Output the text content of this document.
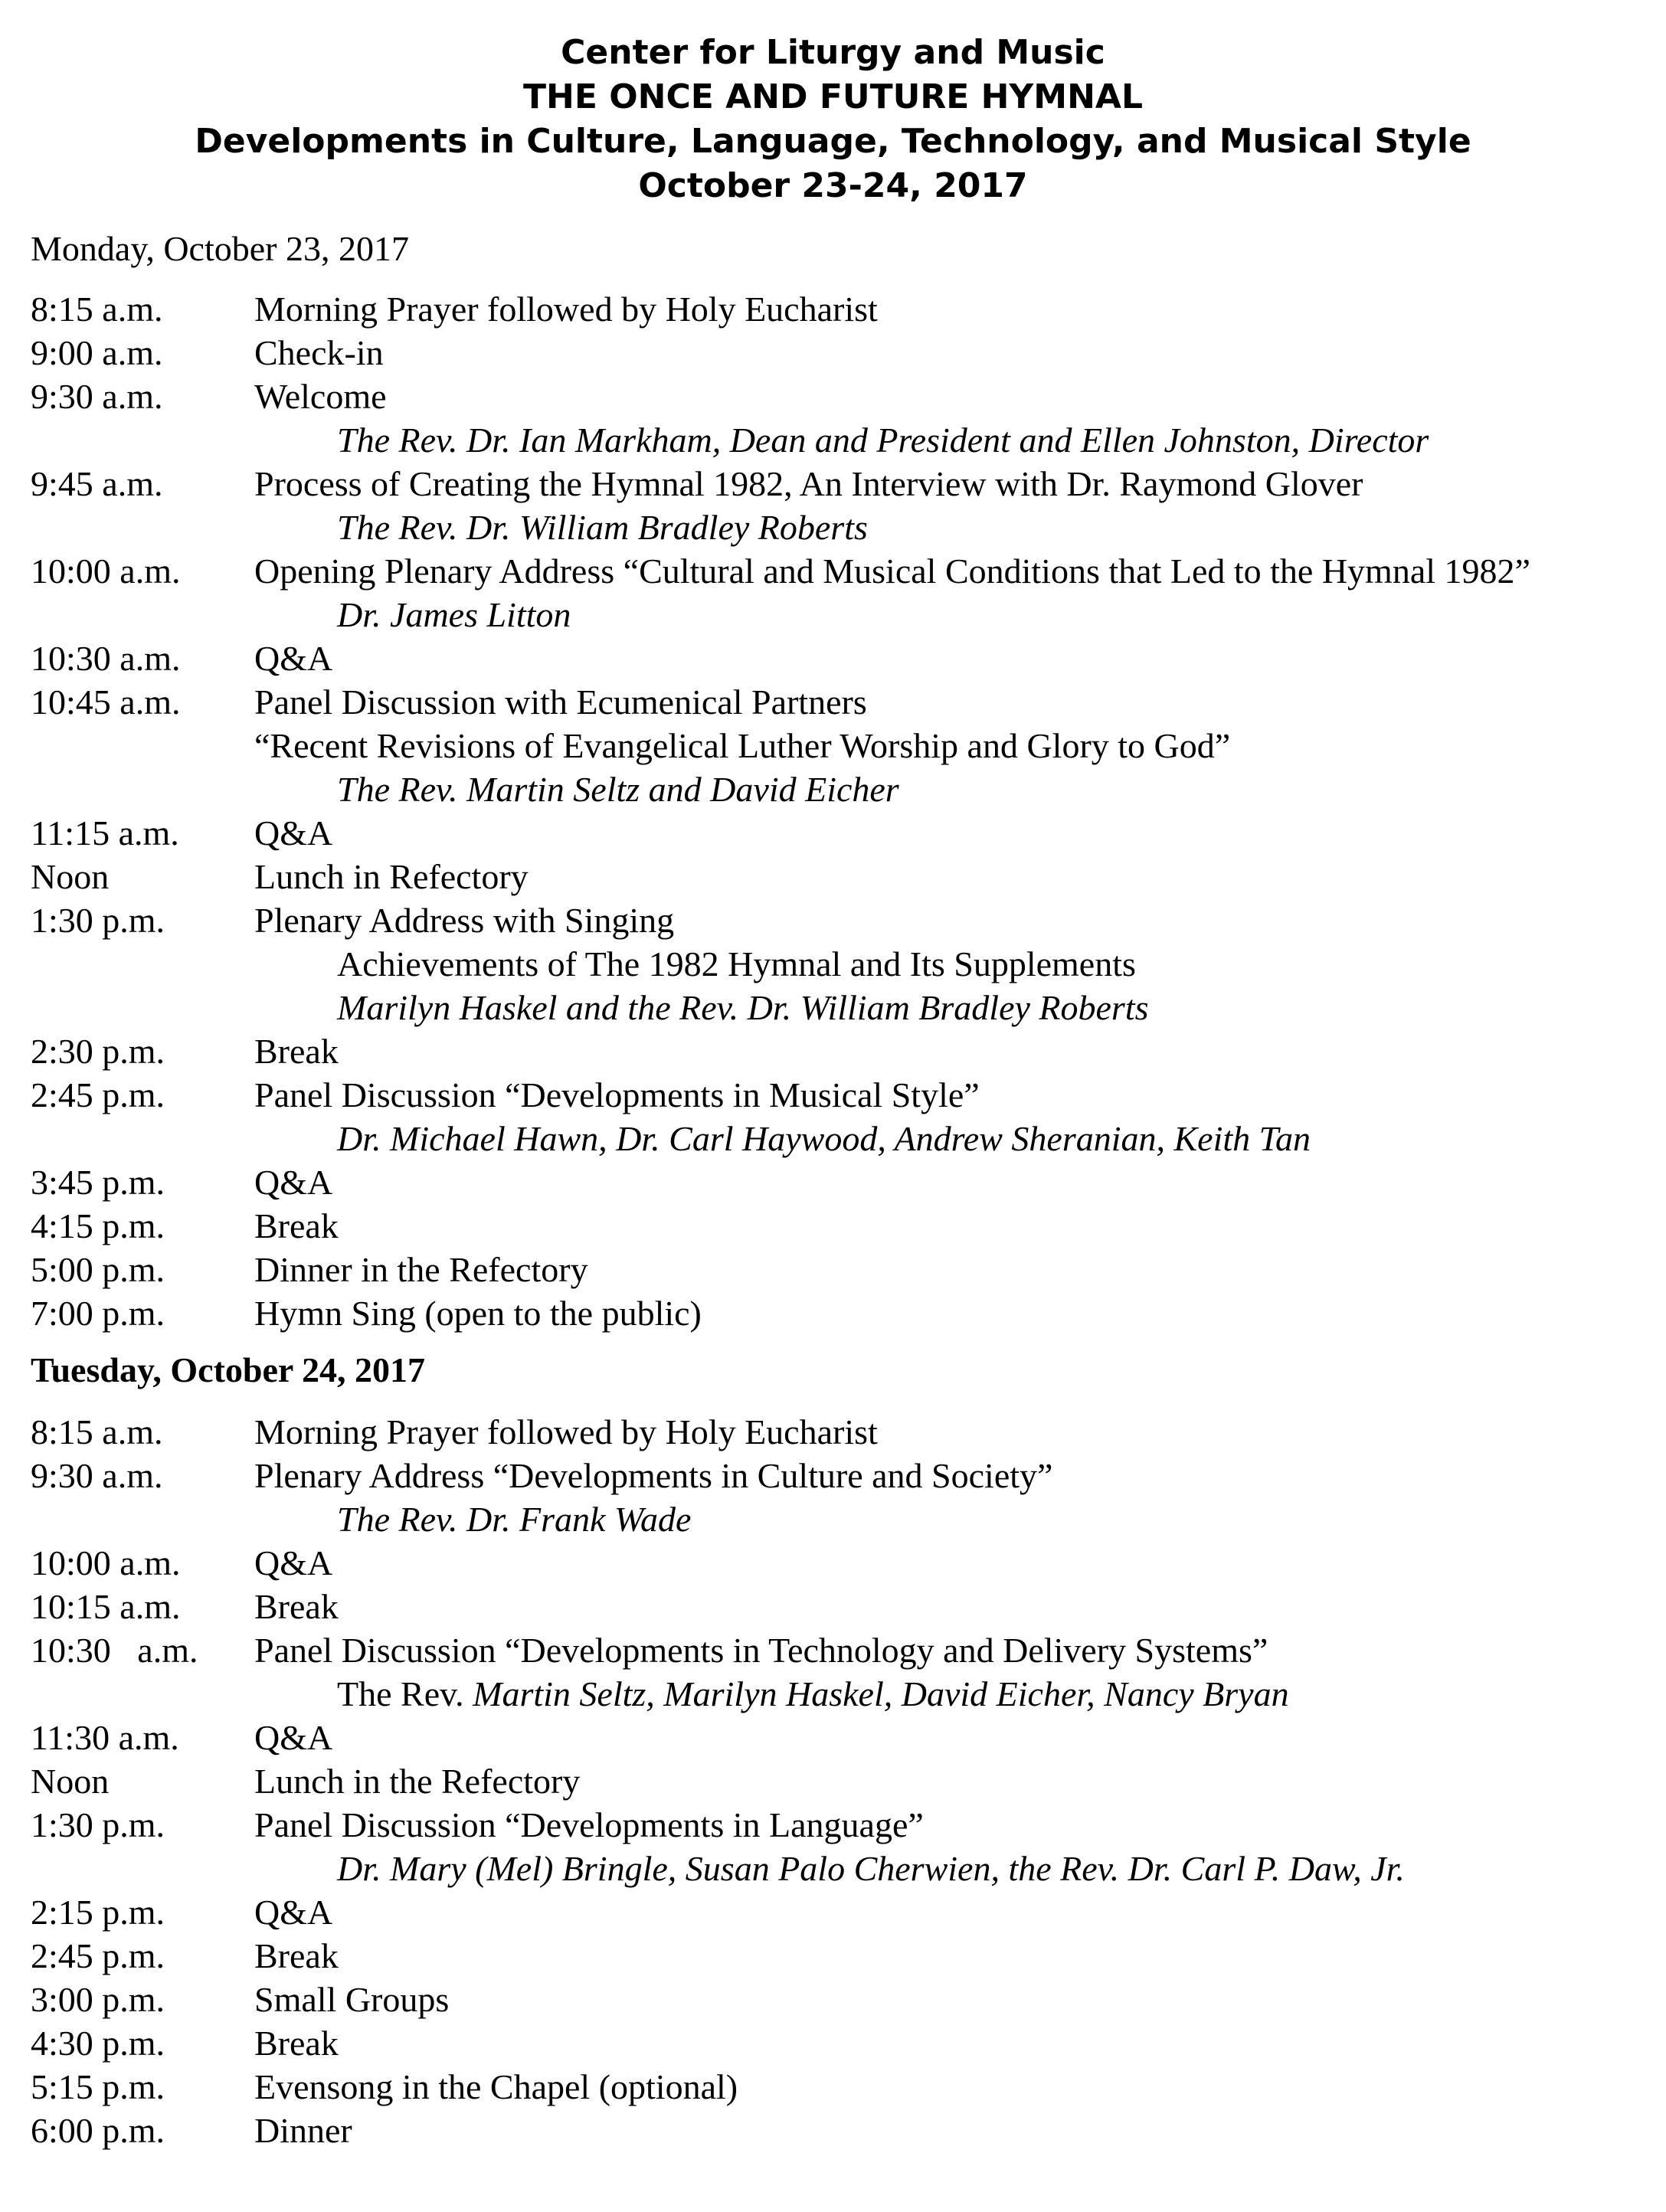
Center for Liturgy and Music
THE ONCE AND FUTURE HYMNAL
Developments in Culture, Language, Technology, and Musical Style
October 23-24, 2017
Monday, October 23, 2017
8:15 a.m.	Morning Prayer followed by Holy Eucharist
9:00 a.m.	Check-in
9:30 a.m.	Welcome
The Rev. Dr. Ian Markham, Dean and President and Ellen Johnston, Director
9:45 a.m.	Process of Creating the Hymnal 1982, An Interview with Dr. Raymond Glover
The Rev. Dr. William Bradley Roberts
10:00 a.m. Opening Plenary Address “Cultural and Musical Conditions that Led to the Hymnal 1982”
Dr. James Litton
10:30 a.m. Q&A
10:45 a.m. Panel Discussion with Ecumenical Partners
“Recent Revisions of Evangelical Luther Worship and Glory to God”
The Rev. Martin Seltz and David Eicher
11:15 a.m. Q&A
Noon	Lunch in Refectory
1:30 p.m.	Plenary Address with Singing
Achievements of The 1982 Hymnal and Its Supplements
Marilyn Haskel and the Rev. Dr. William Bradley Roberts
2:30 p.m.	Break
2:45 p.m.	Panel Discussion “Developments in Musical Style”
Dr. Michael Hawn, Dr. Carl Haywood, Andrew Sheranian, Keith Tan
3:45 p.m.	Q&A
4:15 p.m.	Break
5:00 p.m.	Dinner in the Refectory
7:00 p.m.	Hymn Sing (open to the public)
Tuesday, October 24, 2017
8:15 a.m.	Morning Prayer followed by Holy Eucharist
9:30 a.m.	Plenary Address “Developments in Culture and Society”
The Rev. Dr. Frank Wade
10:00 a.m. Q&A
10:15 a.m. Break
10:30   a.m. Panel Discussion “Developments in Technology and Delivery Systems”
The Rev. Martin Seltz, Marilyn Haskel, David Eicher, Nancy Bryan
11:30 a.m. Q&A
Noon	Lunch in the Refectory
1:30 p.m.	Panel Discussion “Developments in Language”
Dr. Mary (Mel) Bringle, Susan Palo Cherwien, the Rev. Dr. Carl P. Daw, Jr.
2:15 p.m.	Q&A
2:45 p.m.	Break
3:00 p.m.	Small Groups
4:30 p.m.	Break
5:15 p.m.	Evensong in the Chapel (optional)
6:00 p.m.	Dinner
